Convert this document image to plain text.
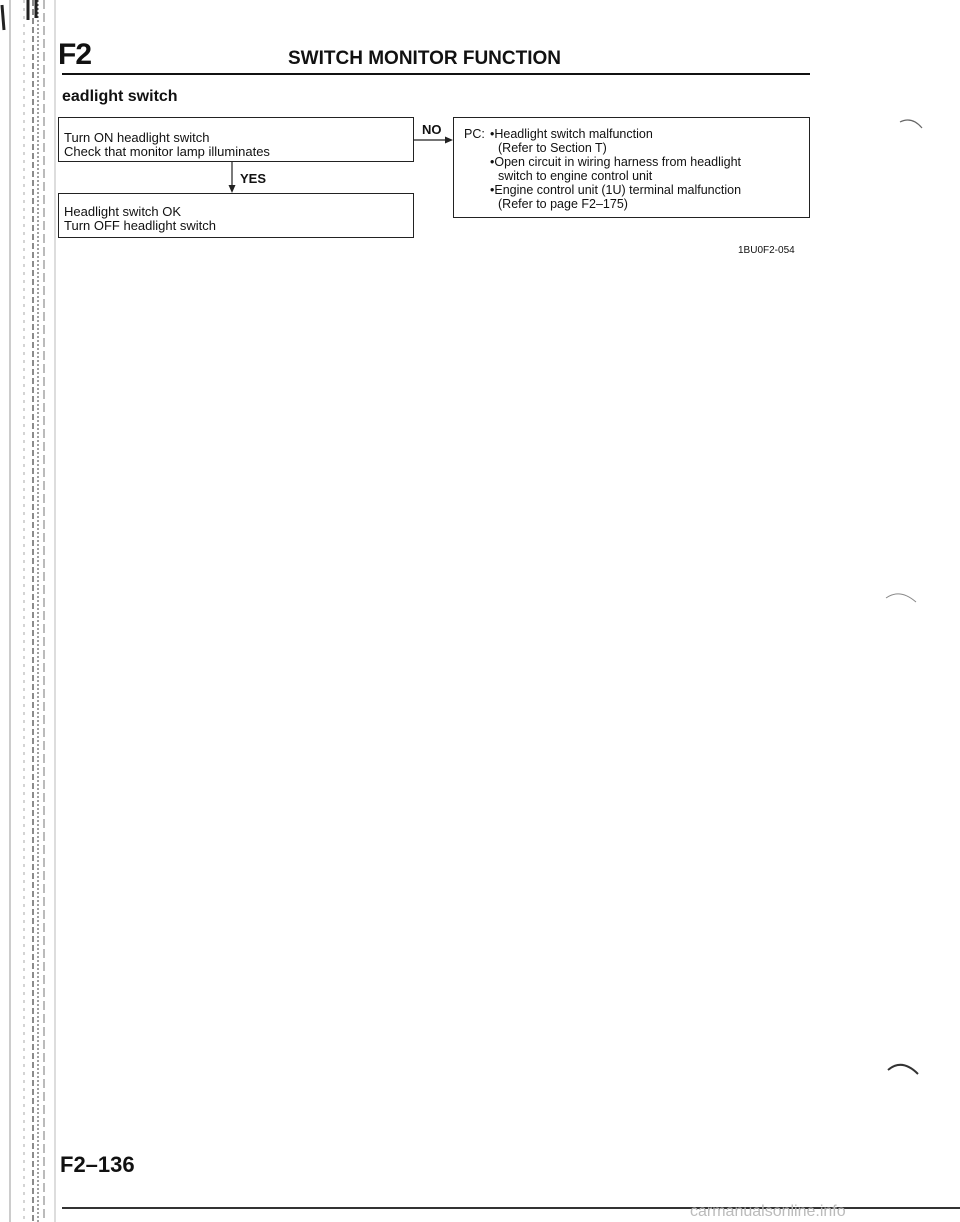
F2	SWITCH MONITOR FUNCTION
eadlight switch
NO
YES
Turn ON headlight switch
Check that monitor lamp illuminates
Headlight switch OK
Turn OFF headlight switch
PC: •Headlight switch malfunction
(Refer to Section T)
•Open circuit in wiring harness from headlight
switch to engine control unit
•Engine control unit (1U) terminal malfunction
(Refer to page F2–175)
1BU0F2-054
F2–136
carmanualsonline.info
